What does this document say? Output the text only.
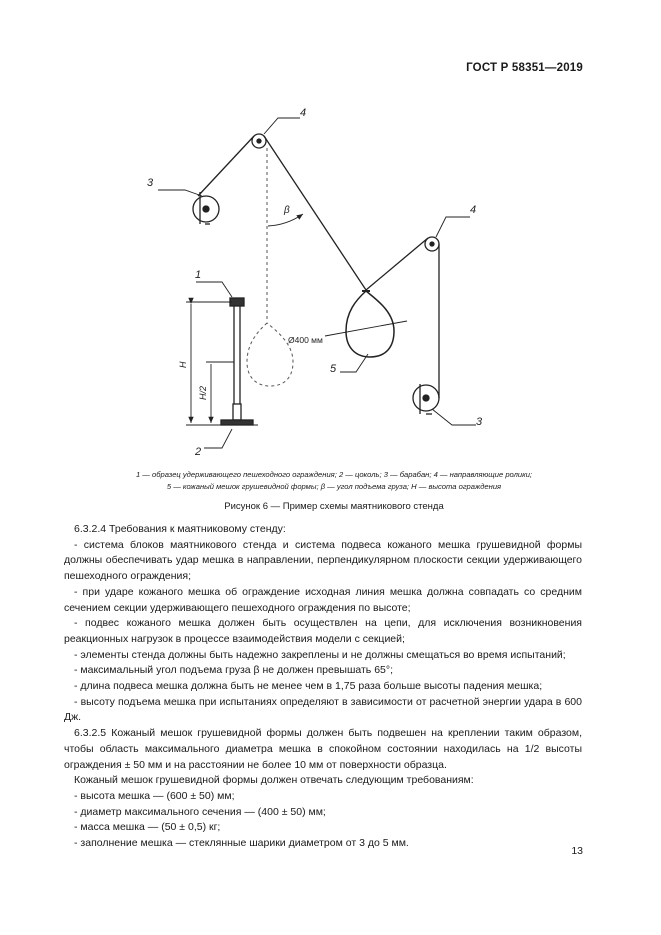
ГОСТ Р 58351—2019
4
3
4
3
5
1
2
β
Ø400 мм
H
H/2
1 — образец удерживающего пешеходного ограждения; 2 — цоколь; 3 — барабан; 4 — направляющие ролики;
5 — кожаный мешок грушевидной формы; β — угол подъема груза; H — высота ограждения
Рисунок 6 — Пример схемы маятникового стенда

6.3.2.4 Требования к маятниковому стенду:

- система блоков маятникового стенда и система подвеса кожаного мешка грушевидной формы должны обеспечивать удар мешка в направлении, перпендикулярном плоскости секции удерживающего пешеходного ограждения;

- при ударе кожаного мешка об ограждение исходная линия мешка должна совпадать со средним сечением секции удерживающего пешеходного ограждения по высоте;

- подвес кожаного мешка должен быть осуществлен на цепи, для исключения возникновения реакционных нагрузок в процессе взаимодействия модели с секцией;

- элементы стенда должны быть надежно закреплены и не должны смещаться во время испытаний;

- максимальный угол подъема груза β не должен превышать 65°;

- длина подвеса мешка должна быть не менее чем в 1,75 раза больше высоты падения мешка;

- высоту подъема мешка при испытаниях определяют в зависимости от расчетной энергии удара в 600 Дж.

6.3.2.5 Кожаный мешок грушевидной формы должен быть подвешен на креплении таким образом, чтобы область максимального диаметра мешка в спокойном состоянии находилась на 1/2 высоты ограждения ± 50 мм и на расстоянии не более 10 мм от поверхности образца.

Кожаный мешок грушевидной формы должен отвечать следующим требованиям:

- высота мешка — (600 ± 50) мм;

- диаметр максимального сечения — (400 ± 50) мм;

- масса мешка — (50 ± 0,5) кг;

- заполнение мешка — стеклянные шарики диаметром от 3 до 5 мм.

13
